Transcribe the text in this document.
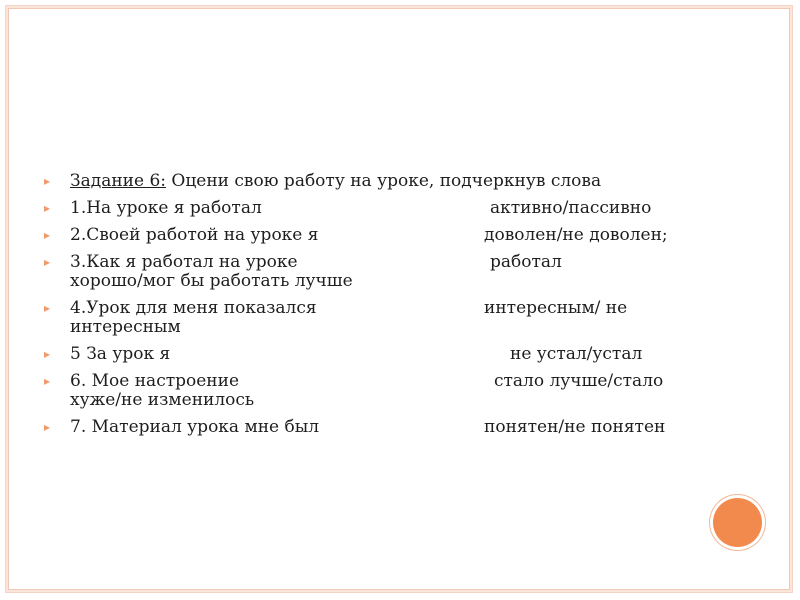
▸ Задание 6: Оцени свою работу на уроке, подчеркнув слова
▸ 1.На уроке я работал	активно/пассивно
▸ 2.Своей работой на уроке я	доволен/не доволен;
▸ 3.Как я работал на уроке	работал

хорошо/мог бы работать лучше
▸ 4.Урок для меня показался	интересным/ не

интересным
▸ 5 За урок я	не устал/устал
▸ 6. Мое настроение	стало лучше/стало

хуже/не изменилось
▸ 7. Материал урока мне был	понятен/не понятен
